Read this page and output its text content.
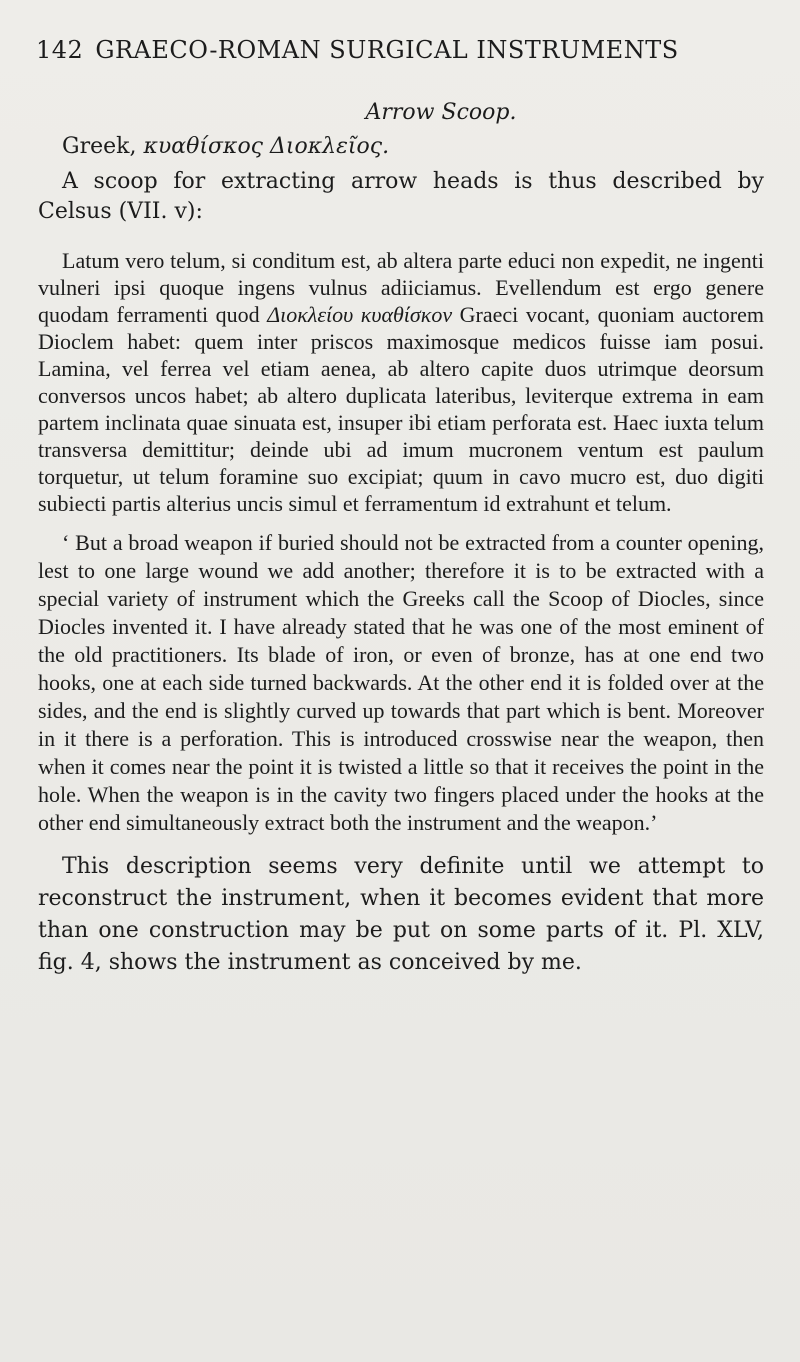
142 GRAECO-ROMAN SURGICAL INSTRUMENTS
Arrow Scoop.
Greek, κυαθίσκος Διοκλεῖος.

A scoop for extracting arrow heads is thus described by Celsus (VII. v):

Latum vero telum, si conditum est, ab altera parte educi non expedit, ne ingenti vulneri ipsi quoque ingens vulnus adiiciamus. Evellendum est ergo genere quodam ferramenti quod Διοκλείου κυαθίσκον Graeci vocant, quoniam auctorem Dioclem habet: quem inter priscos maximosque medicos fuisse iam posui. Lamina, vel ferrea vel etiam aenea, ab altero capite duos utrimque deorsum conversos uncos habet; ab altero duplicata lateribus, leviterque extrema in eam partem inclinata quae sinuata est, insuper ibi etiam perforata est. Haec iuxta telum transversa demittitur; deinde ubi ad imum mucronem ventum est paulum torquetur, ut telum foramine suo excipiat; quum in cavo mucro est, duo digiti subiecti partis alterius uncis simul et ferramentum id extrahunt et telum.

‘ But a broad weapon if buried should not be extracted from a counter opening, lest to one large wound we add another; therefore it is to be extracted with a special variety of instrument which the Greeks call the Scoop of Diocles, since Diocles invented it. I have already stated that he was one of the most eminent of the old practitioners. Its blade of iron, or even of bronze, has at one end two hooks, one at each side turned backwards. At the other end it is folded over at the sides, and the end is slightly curved up towards that part which is bent. Moreover in it there is a perforation. This is introduced crosswise near the weapon, then when it comes near the point it is twisted a little so that it receives the point in the hole. When the weapon is in the cavity two fingers placed under the hooks at the other end simultaneously extract both the instrument and the weapon.’

This description seems very definite until we attempt to reconstruct the instrument, when it becomes evident that more than one construction may be put on some parts of it. Pl. XLV, fig. 4, shows the instrument as conceived by me.
